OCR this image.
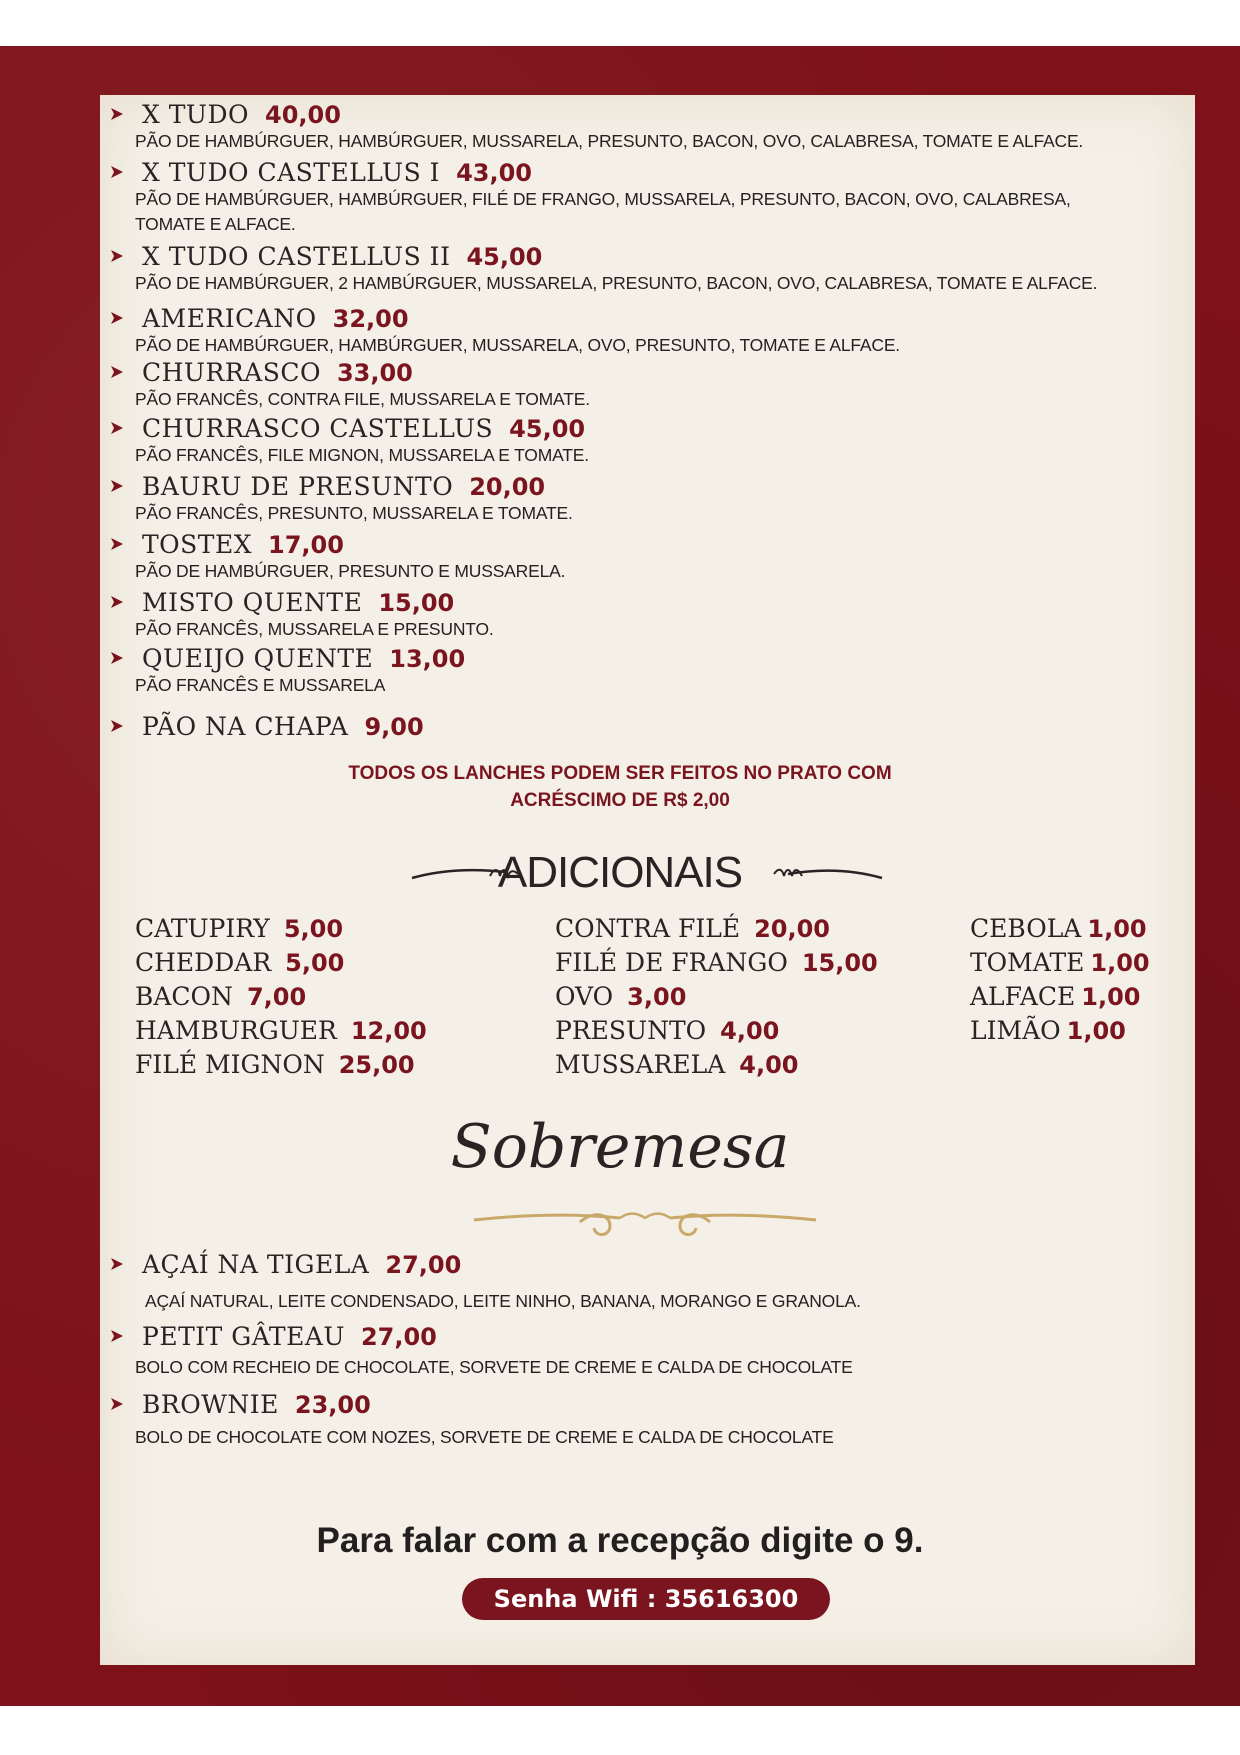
X TUDO 40,00
PÃO DE HAMBÚRGUER, HAMBÚRGUER, MUSSARELA, PRESUNTO, BACON, OVO, CALABRESA, TOMATE E ALFACE.
X TUDO CASTELLUS I 43,00
PÃO DE HAMBÚRGUER, HAMBÚRGUER, FILÉ DE FRANGO, MUSSARELA, PRESUNTO, BACON, OVO, CALABRESA,
TOMATE E ALFACE.
X TUDO CASTELLUS II 45,00
PÃO DE HAMBÚRGUER, 2 HAMBÚRGUER, MUSSARELA, PRESUNTO, BACON, OVO, CALABRESA, TOMATE E ALFACE.
AMERICANO 32,00
PÃO DE HAMBÚRGUER, HAMBÚRGUER, MUSSARELA, OVO, PRESUNTO, TOMATE E ALFACE.
CHURRASCO 33,00
PÃO FRANCÊS, CONTRA FILE, MUSSARELA E TOMATE.
CHURRASCO CASTELLUS 45,00
PÃO FRANCÊS, FILE MIGNON, MUSSARELA E TOMATE.
BAURU DE PRESUNTO 20,00
PÃO FRANCÊS, PRESUNTO, MUSSARELA E TOMATE.
TOSTEX 17,00
PÃO DE HAMBÚRGUER, PRESUNTO E MUSSARELA.
MISTO QUENTE 15,00
PÃO FRANCÊS, MUSSARELA E PRESUNTO.
QUEIJO QUENTE 13,00
PÃO FRANCÊS E MUSSARELA
PÃO NA CHAPA 9,00
TODOS OS LANCHES PODEM SER FEITOS NO PRATO COM
ACRÉSCIMO DE R$ 2,00
ADICIONAIS
CATUPIRY 5,00
CHEDDAR 5,00
BACON 7,00
HAMBURGUER 12,00
FILÉ MIGNON 25,00
CONTRA FILÉ 20,00
FILÉ DE FRANGO 15,00
OVO 3,00
PRESUNTO 4,00
MUSSARELA 4,00
CEBOLA 1,00
TOMATE 1,00
ALFACE 1,00
LIMÃO 1,00
Sobremesa
AÇAÍ NA TIGELA 27,00
AÇAÍ NATURAL, LEITE CONDENSADO, LEITE NINHO, BANANA, MORANGO E GRANOLA.
PETIT GÂTEAU 27,00
BOLO COM RECHEIO DE CHOCOLATE, SORVETE DE CREME E CALDA DE CHOCOLATE
BROWNIE 23,00
BOLO DE CHOCOLATE COM NOZES, SORVETE DE CREME E CALDA DE CHOCOLATE
Para falar com a recepção digite o 9.
Senha Wifi : 35616300
